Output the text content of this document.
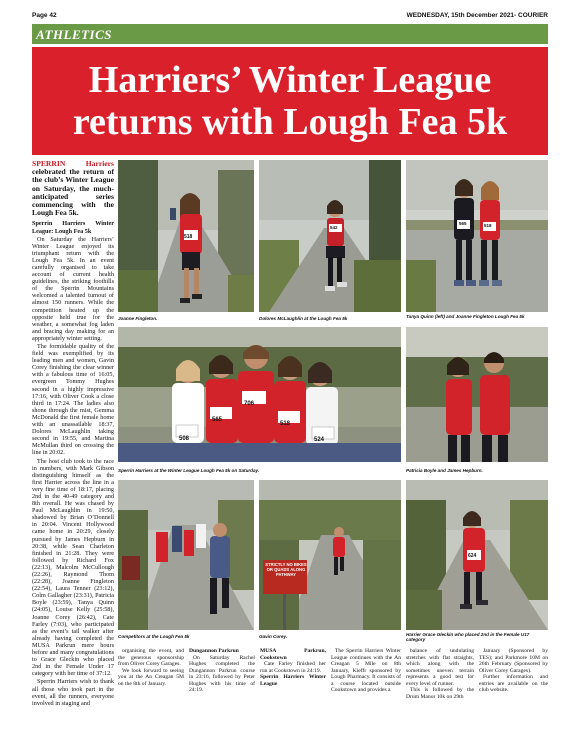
Page 42	WEDNESDAY, 15th December 2021- COURIER
ATHLETICS
Harriers’ Winter League
returns with Lough Fea 5k

SPERRIN Harriers celebrated the return of the club’s Winter League on Saturday, the much-anticipated series commencing with the Lough Fea 5k.

Sperrin Harriers Winter League: Lough Fea 5k

On Saturday the Harriers’ Winter League enjoyed its triumphant return with the Lough Fea 5k. In an event carefully organised to take account of current health guidelines, the striking foothills of the Sperrin Mountains welcomed a talented turnout of almost 150 runners. While the competition heated up the opposite held true for the weather, a somewhat fog laden and bracing day making for an appropriately winter setting.

The formidable quality of the field was exemplified by its leading men and women, Gavin Corey finishing the clear winner with a fabulous time of 16:05, evergreen Tommy Hughes second in a highly impressive 17:16, with Oliver Cook a close third in 17:24. The ladies also shone through the mist, Gemma McDonald the first female home with an unassailable 18:37, Dolores McLaughlin taking second in 19:55, and Martina McMullan third on crossing the line in 20:02.

The host club took to the race in numbers, with Mark Gibson distinguishing himself as the first Harrier across the line in a very fine time of 18:17, placing 2nd in the 40-49 category and 8th overall. He was chased by Paul McLaughlin in 19:50, shadowed by Brian O’Donnell in 20:04. Vincent Hollywood came home in 20:29, closely pursued by James Hepburn in 20:38, while Sean Charleton finished in 21:28. They were followed by Richard Fox (22:13), Malcolm McCullough (22:26), Raymond Thom (22:28), Joanne Fingleton (22:54), Laura Tenner (23:12), Colm Gallagher (23:31), Patricia Boyle (23:59), Tanya Quinn (24:05), Louise Kelly (25:58), Joanne Corey (26:42), Cate Farley (7:03), who participated as the event’s tail walker after already having completed the MUSA Parkrun mere hours before and many congratulations to Grace Gleckin who placed 2nd in the Female Under 17 category with her time of 37:12.

Sperrin Harriers wish to thank all those who took part in the event, all the runners, everyone involved in staging and

Joanne Fingleton.
518
Dolores McLaughlin at the Lough Fea 5k
542
Tanya Quinn (left) and Joanne Fingleton Lough Fea 5k
565	518
Sperrin Harriers at the Winter League Lough Fea 5k on Saturday.
508
565
706
518
524
Patricia Boyle and James Hepburn.
Competitors at the Lough Fea 5k
STRICTLY NO BIKES OR QUADS ALONG PATHWAY
Gavin Corey.	Harrier Grace Gleckin who placed 2nd in the Female U17 category
624

organising the event, and the generous sponsorship from Oliver Corey Garages.

We look forward to seeing you at the An Creagan 5M on the 8th of January.

Dungannon Parkrun

On Saturday Rachel Hughes completed the Dungannon Parkrun course in 23:16, followed by Peter Hughes with his time of 24:19.

MUSA Parkrun, Cookstown

Cate Farley finished her run at Cookstown in 24:19.

Sperrin Harriers Winter League

The Sperrin Harriers Winter League continues with the An Creagan 5 Mile on 8th January, Kieffr sponsored by Lough Pharmacy. It consists of a course located outside Cookstown and provides a

balance of undulating stretches with flat straights, which along with the sometimes uneven terrain represents a good test for every level of runner.

This is followed by the Drum Manor 10k on 29th

January (Sponsored by TES); and Parkmore 10M on 26th February (Sponsored by Oliver Corey Garages).

Further information and entries are available on the club website.
